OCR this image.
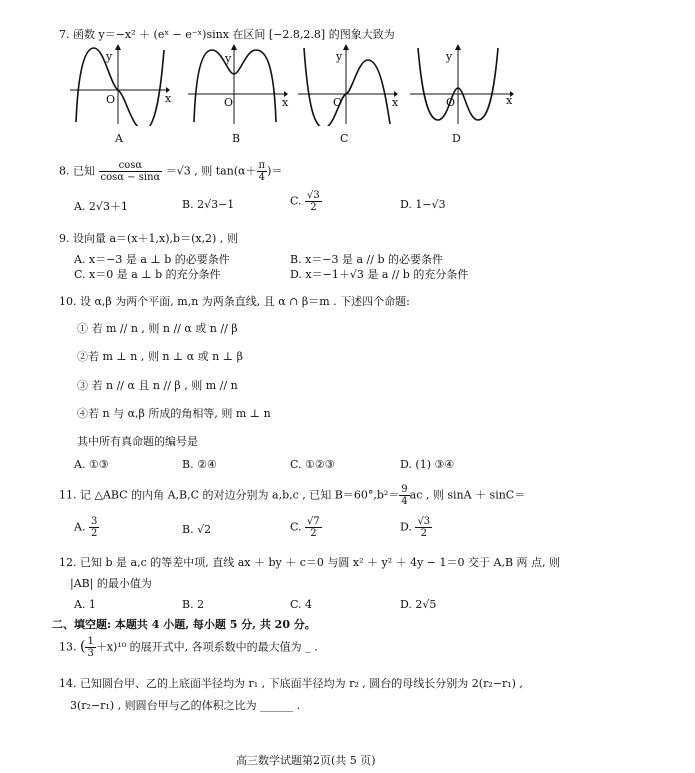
7. 函数 y＝−x² ＋ (eˣ − e⁻ˣ)sinx 在区间 [−2.8,2.8] 的图象大致为
y
x
O
A
y
x
O
B
y
x
O
C
y
x
O
D
8. 已知 $\frac{\cos\alpha}{\cos\alpha - \sin\alpha} =√3$ , 则 $\tan(\alpha+ \frac{\pi}{4}$ )＝
A. 2√3＋1	B. 2√3−1	C. $\frac{√3}{2}$	D. 1−√3
9. 设向量 a＝(x＋1,x),b＝(x,2) , 则
A. x＝−3 是 a ⊥ b 的必要条件	B. x＝−3 是 a // b 的必要条件
C. x＝0 是 a ⊥ b 的充分条件	D. x＝−1＋√3 是 a // b 的充分条件
10. 设 α,β 为两个平面, m,n 为两条直线, 且 α ∩ β＝m . 下述四个命题:
① 若 m // n , 则 n // α 或 n // β
②若 m ⊥ n , 则 n ⊥ α 或 n ⊥ β
③ 若 n // α 且 n // β , 则 m // n
④若 n 与 α,β 所成的角相等, 则 m ⊥ n
其中所有真命题的编号是
A. ①③	B. ②④	C. ①②③	D. (1) ③④
11. 记 △ABC 的内角 A,B,C 的对边分别为 a,b,c , 已知 $B=60^\circ,b^2= \frac{9}{4}$ ac , 则 sinA ＋ sinC＝
A. $\frac{3}{2}$	B. √2	C. $\frac{√7}{2}$	D. $\frac{√3}{2}$
12. 已知 b 是 a,c 的等差中项, 直线 ax ＋ by ＋ c＝0 与圆 x² ＋ y² ＋ 4y − 1＝0 交于 A,B 两 点, 则
|AB| 的最小值为
A. 1	B. 2	C. 4	D. 2√5
二、填空题: 本题共 4 小题, 每小题 5 分, 共 20 分。
13. ( $\frac{1}{3} +x)^{10}$ 的展开式中, 各项系数中的最大值为 _ .
14. 已知圆台甲、乙的上底面半径均为 r₁ , 下底面半径均为 r₂ , 圆台的母线长分别为 2(r₂−r₁) ,
3(r₂−r₁) , 则圆台甲与乙的体积之比为 ______ .
高三数学试题第2页(共 5 页)
